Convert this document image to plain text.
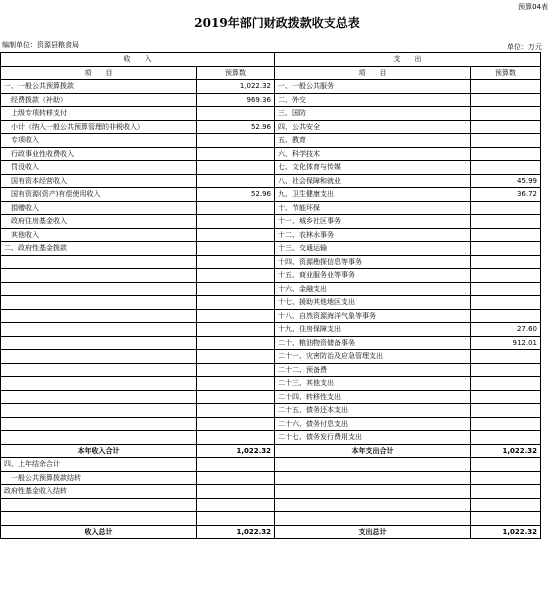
预算04表
2019年部门财政拨款收支总表
编制单位：资源县粮食局	单位：万元
收　　入		支　　出	
项　　目	预算数	项　　目	预算数
一、一般公共预算拨款	1,022.32	一、一般公共服务	
　经费拨款（补助）	969.36	二、外交	
　上级专项转移支付		三、国防	
　小计（纳入一般公共预算管理的非税收入）	52.96	四、公共安全	
　专项收入		五、教育	
　行政事业性收费收入		六、科学技术	
　罚没收入		七、文化体育与传媒	
　国有资本经营收入		八、社会保障和就业	45.99
　国有资源(资产)有偿使用收入	52.96	九、卫生健康支出	36.72
　捐赠收入		十、节能环保	
　政府住房基金收入		十一、城乡社区事务	
　其他收入		十二、农林水事务	
二、政府性基金拨款		十三、交通运输	
		十四、资源勘探信息等事务	
		十五、商业服务业等事务	
		十六、金融支出	
		十七、援助其他地区支出	
		十八、自然资源海洋气象等事务	
		十九、住房保障支出	27.60
		二十、粮油物资储备事务	912.01
		二十一、灾害防治及应急管理支出	
		二十二、预备费	
		二十三、其他支出	
		二十四、转移性支出	
		二十五、债务还本支出	
		二十六、债务付息支出	
		二十七、债务发行费用支出	
本年收入合计	1,022.32	本年支出合计	1,022.32
四、上年结余合计			
　一般公共预算拨款结转			
政府性基金收入结转			

收入总计	1,022.32	支出总计	1,022.32
